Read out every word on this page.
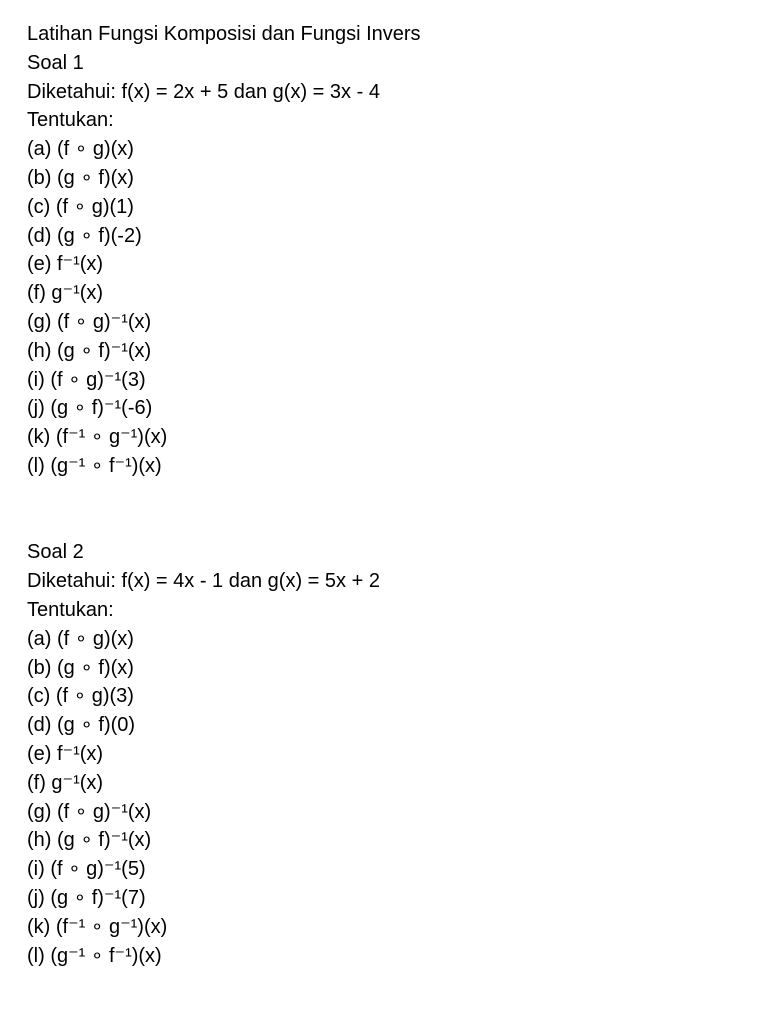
Latihan Fungsi Komposisi dan Fungsi Invers
Soal 1
Diketahui: f(x) = 2x + 5 dan g(x) = 3x - 4
Tentukan:
(a) (f ∘ g)(x)
(b) (g ∘ f)(x)
(c) (f ∘ g)(1)
(d) (g ∘ f)(-2)
(e) f⁻¹(x)
(f) g⁻¹(x)
(g) (f ∘ g)⁻¹(x)
(h) (g ∘ f)⁻¹(x)
(i) (f ∘ g)⁻¹(3)
(j) (g ∘ f)⁻¹(-6)
(k) (f⁻¹ ∘ g⁻¹)(x)
(l) (g⁻¹ ∘ f⁻¹)(x)
Soal 2
Diketahui: f(x) = 4x - 1 dan g(x) = 5x + 2
Tentukan:
(a) (f ∘ g)(x)
(b) (g ∘ f)(x)
(c) (f ∘ g)(3)
(d) (g ∘ f)(0)
(e) f⁻¹(x)
(f) g⁻¹(x)
(g) (f ∘ g)⁻¹(x)
(h) (g ∘ f)⁻¹(x)
(i) (f ∘ g)⁻¹(5)
(j) (g ∘ f)⁻¹(7)
(k) (f⁻¹ ∘ g⁻¹)(x)
(l) (g⁻¹ ∘ f⁻¹)(x)
